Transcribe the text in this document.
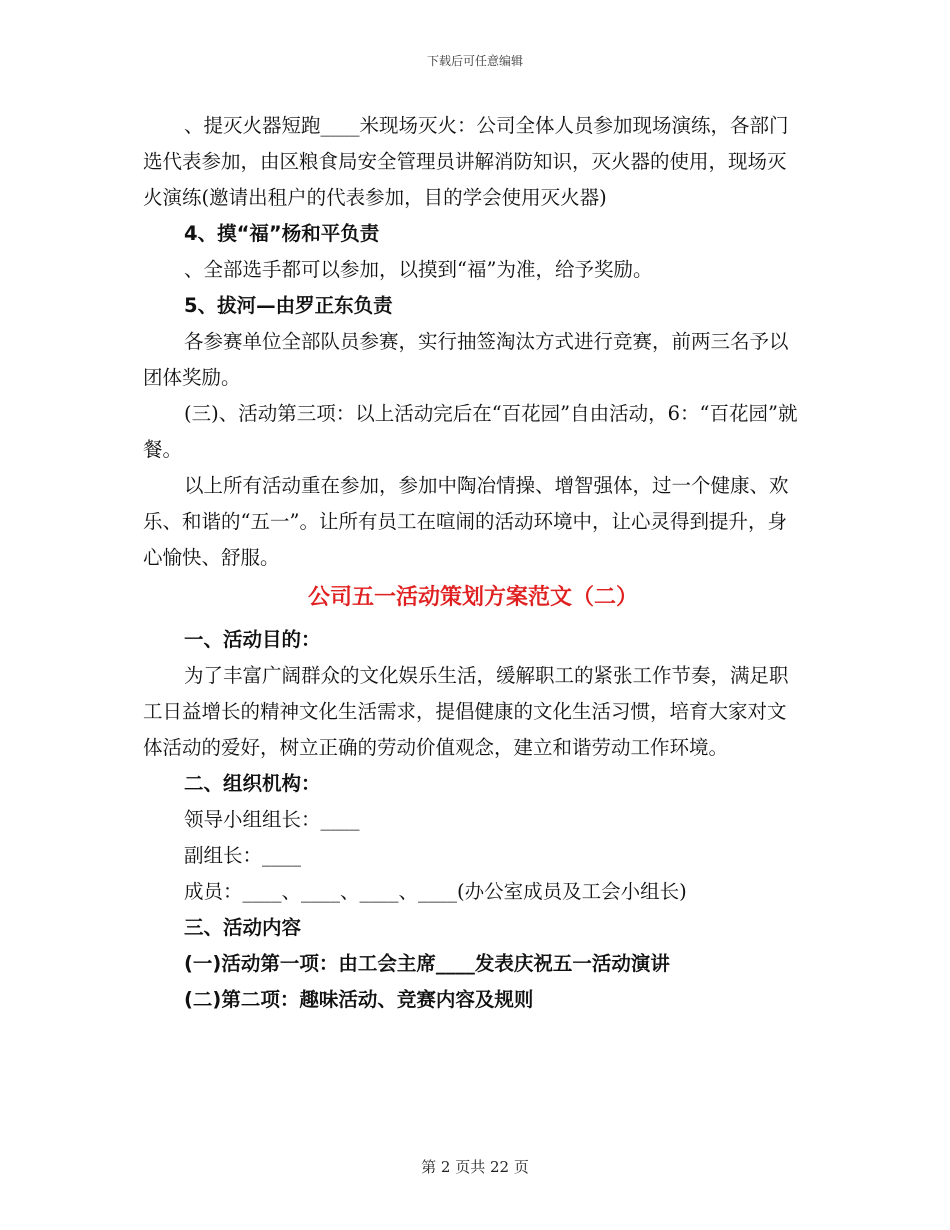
下载后可任意编辑

、提灭火器短跑____米现场灭火：公司全体人员参加现场演练，各部门选代表参加，由区粮食局安全管理员讲解消防知识，灭火器的使用，现场灭火演练(邀请出租户的代表参加，目的学会使用灭火器)

4、摸“福”杨和平负责

、全部选手都可以参加，以摸到“福”为准，给予奖励。

5、拔河—由罗正东负责

各参赛单位全部队员参赛，实行抽签淘汰方式进行竞赛，前两三名予以团体奖励。

(三)、活动第三项：以上活动完后在“百花园”自由活动，6：“百花园”就餐。

以上所有活动重在参加，参加中陶冶情操、增智强体，过一个健康、欢乐、和谐的“五一”。让所有员工在喧闹的活动环境中，让心灵得到提升，身心愉快、舒服。

公司五一活动策划方案范文（二）

一、活动目的：

为了丰富广阔群众的文化娱乐生活，缓解职工的紧张工作节奏，满足职工日益增长的精神文化生活需求，提倡健康的文化生活习惯，培育大家对文体活动的爱好，树立正确的劳动价值观念，建立和谐劳动工作环境。

二、组织机构：

领导小组组长：____

副组长：____

成员：____、____、____、____(办公室成员及工会小组长)

三、活动内容

(一)活动第一项：由工会主席____发表庆祝五一活动演讲

(二)第二项：趣味活动、竞赛内容及规则

第 2 页共 22 页
